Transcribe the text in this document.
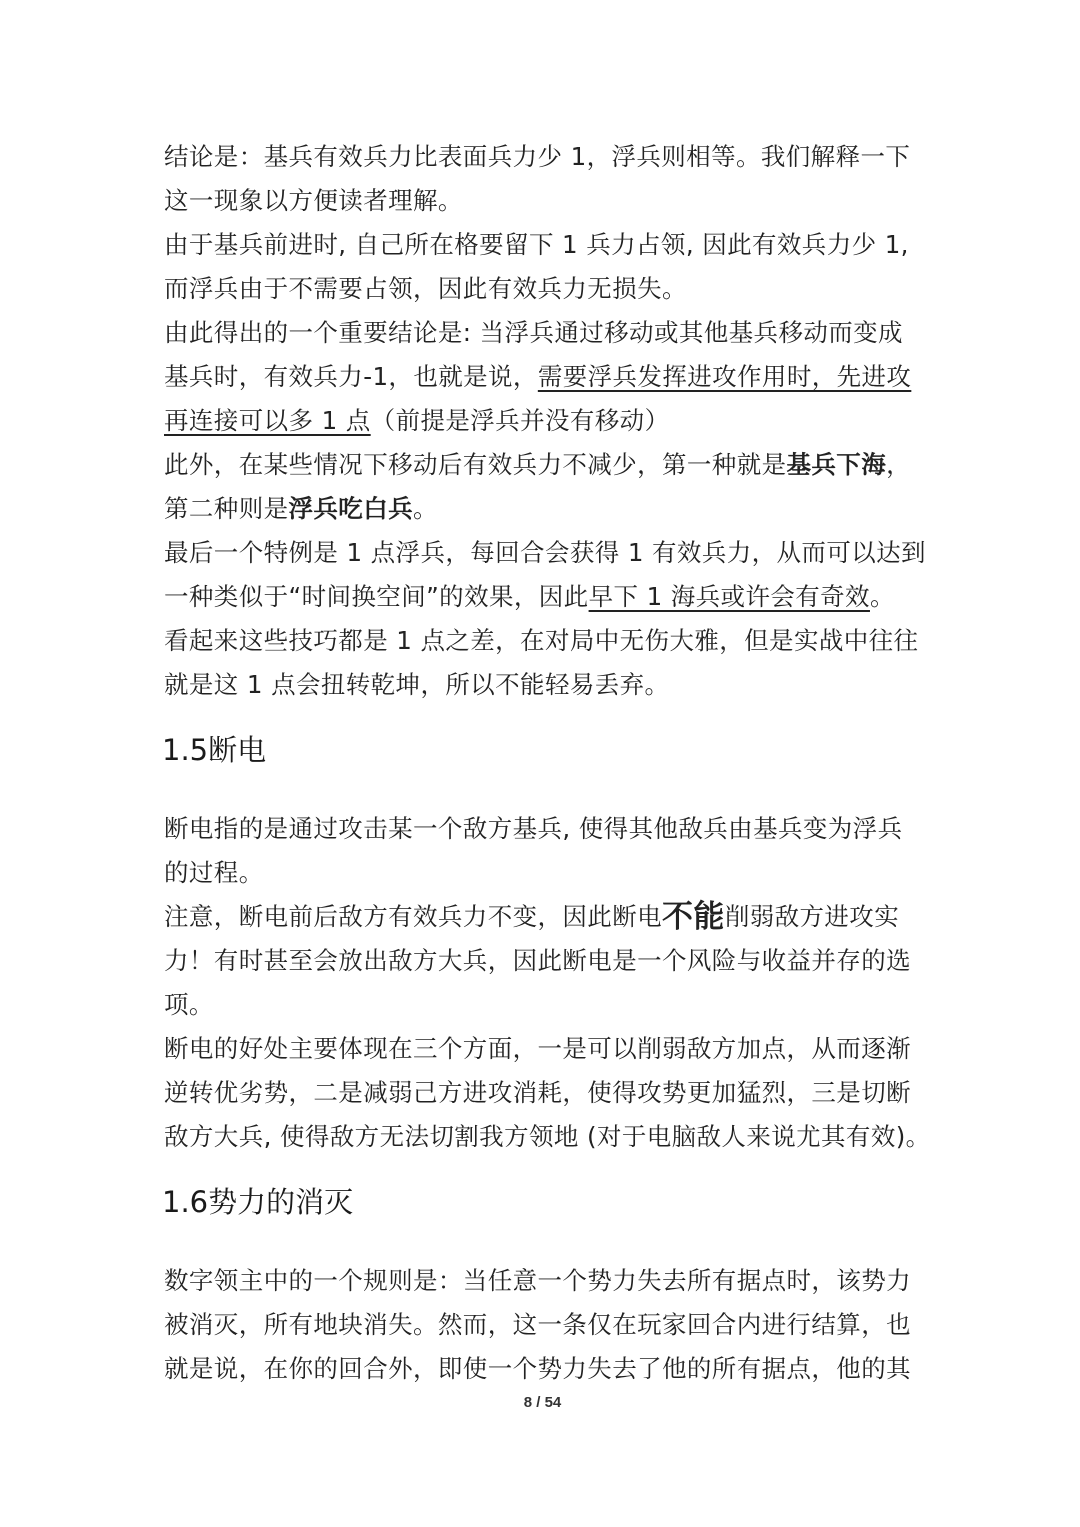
结论是：基兵有效兵力比表面兵力少 1，浮兵则相等。我们解释一下
这一现象以方便读者理解。
由于基兵前进时, 自己所在格要留下 1 兵力占领, 因此有效兵力少 1,
而浮兵由于不需要占领，因此有效兵力无损失。
由此得出的一个重要结论是: 当浮兵通过移动或其他基兵移动而变成
基兵时，有效兵力-1，也就是说，需要浮兵发挥进攻作用时，先进攻
再连接可以多 1 点（前提是浮兵并没有移动）
此外，在某些情况下移动后有效兵力不减少，第一种就是基兵下海，
第二种则是浮兵吃白兵。
最后一个特例是 1 点浮兵，每回合会获得 1 有效兵力，从而可以达到
一种类似于“时间换空间”的效果，因此早下 1 海兵或许会有奇效。
看起来这些技巧都是 1 点之差，在对局中无伤大雅，但是实战中往往
就是这 1 点会扭转乾坤，所以不能轻易丢弃。
1.5断电
断电指的是通过攻击某一个敌方基兵, 使得其他敌兵由基兵变为浮兵
的过程。
注意，断电前后敌方有效兵力不变，因此断电不能削弱敌方进攻实
力！有时甚至会放出敌方大兵，因此断电是一个风险与收益并存的选
项。
断电的好处主要体现在三个方面，一是可以削弱敌方加点，从而逐渐
逆转优劣势，二是减弱己方进攻消耗，使得攻势更加猛烈，三是切断
敌方大兵, 使得敌方无法切割我方领地 (对于电脑敌人来说尤其有效)。
1.6势力的消灭
数字领主中的一个规则是：当任意一个势力失去所有据点时，该势力
被消灭，所有地块消失。然而，这一条仅在玩家回合内进行结算，也
就是说，在你的回合外，即使一个势力失去了他的所有据点，他的其
8 / 54
